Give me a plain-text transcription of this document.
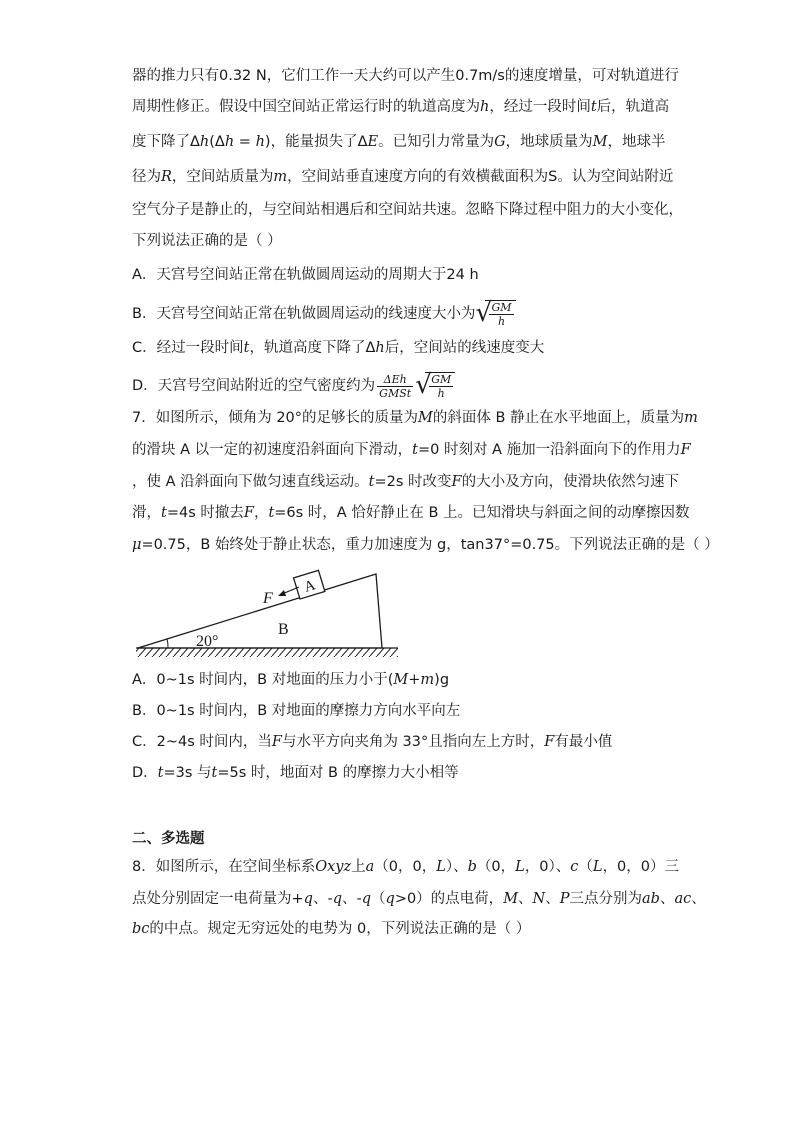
器的推力只有0.32 N，它们工作一天大约可以产生0.7m/s的速度增量，可对轨道进行
周期性修正。假设中国空间站正常运行时的轨道高度为h，经过一段时间t后，轨道高
度下降了Δh(Δh = h)，能量损失了ΔE。已知引力常量为G，地球质量为M，地球半
径为R，空间站质量为m，空间站垂直速度方向的有效横截面积为S。认为空间站附近
空气分子是静止的，与空间站相遇后和空间站共速。忽略下降过程中阻力的大小变化，
下列说法正确的是（ ）
A．天宫号空间站正常在轨做圆周运动的周期大于24 h
B．天宫号空间站正常在轨做圆周运动的线速度大小为 √
$\frac{GM}{h}$
C．经过一段时间t，轨道高度下降了Δh后，空间站的线速度变大
D．天宫号空间站附近的空气密度约为 $\frac{\text{ΔEh}}{\text{GMSt}}$ √
$\frac{GM}{h}$
7．如图所示，倾角为 20°的足够长的质量为M的斜面体 B 静止在水平地面上，质量为m
的滑块 A 以一定的初速度沿斜面向下滑动，t=0 时刻对 A 施加一沿斜面向下的作用力F
，使 A 沿斜面向下做匀速直线运动。t=2s 时改变F的大小及方向，使滑块依然匀速下
滑，t=4s 时撤去F，t=6s 时，A 恰好静止在 B 上。已知滑块与斜面之间的动摩擦因数
μ=0.75，B 始终处于静止状态，重力加速度为 g，tan37°=0.75。下列说法正确的是（ ）
A
F
B
20°
A．0~1s 时间内，B 对地面的压力小于(M+m)g
B．0~1s 时间内，B 对地面的摩擦力方向水平向左
C．2~4s 时间内，当F与水平方向夹角为 33°且指向左上方时，F有最小值
D．t=3s 与t=5s 时，地面对 B 的摩擦力大小相等
二、多选题
8．如图所示，在空间坐标系Oxyz上a（0，0，L）、b（0，L，0）、c（L，0，0）三
点处分别固定一电荷量为+q、-q、-q（q>0）的点电荷，M、N、P三点分别为ab、ac、
bc的中点。规定无穷远处的电势为 0，下列说法正确的是（ ）
